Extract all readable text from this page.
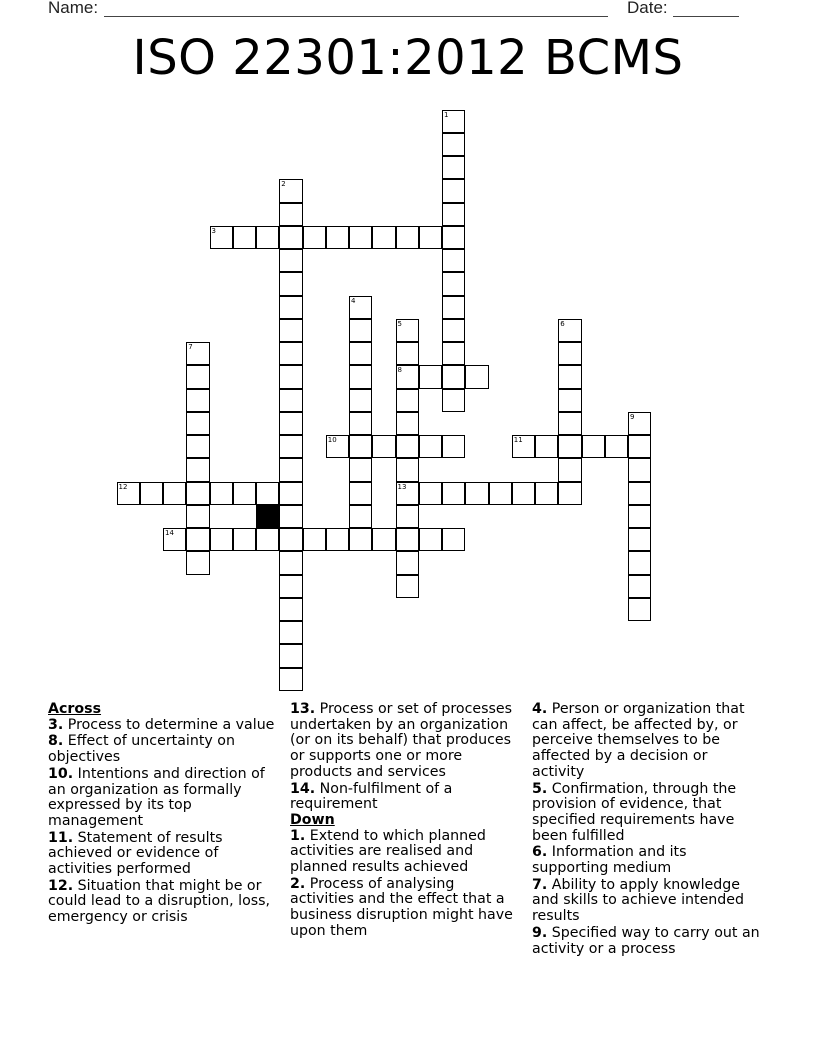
Name:	Date:
ISO 22301:2012 BCMS
1
2
3
4
5
8
13
6
7
9
10	11
12
14
Across

3. Process to determine a value

8. Effect of uncertainty on objectives

10. Intentions and direction of an organization as formally expressed by its top management

11. Statement of results achieved or evidence of activities performed

12. Situation that might be or could lead to a disruption, loss, emergency or crisis

13. Process or set of processes undertaken by an organization (or on its behalf) that produces or supports one or more products and services

14. Non-fulfilment of a requirement

Down

1. Extend to which planned activities are realised and planned results achieved

2. Process of analysing activities and the effect that a business disruption might have upon them

4. Person or organization that can affect, be affected by, or perceive themselves to be affected by a decision or activity

5. Confirmation, through the provision of evidence, that specified requirements have been fulfilled

6. Information and its supporting medium

7. Ability to apply knowledge and skills to achieve intended results

9. Specified way to carry out an activity or a process
